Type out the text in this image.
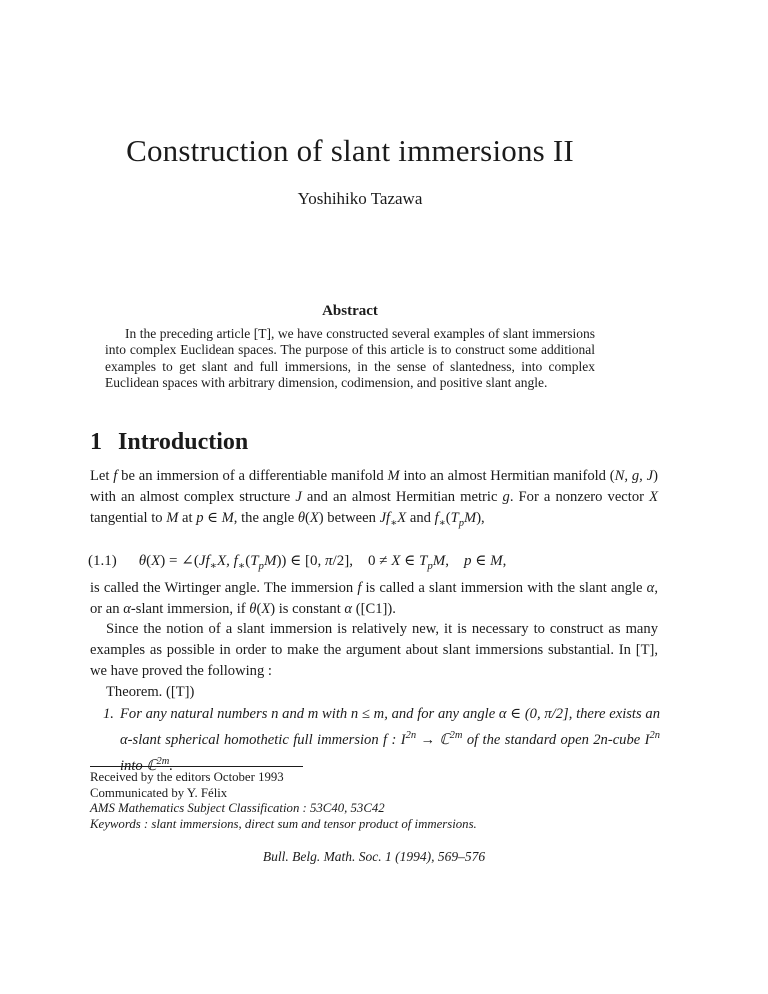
Construction of slant immersions II
Yoshihiko Tazawa
Abstract
In the preceding article [T], we have constructed several examples of slant immersions into complex Euclidean spaces. The purpose of this article is to construct some additional examples to get slant and full immersions, in the sense of slantedness, into complex Euclidean spaces with arbitrary dimension, codimension, and positive slant angle.
1 Introduction

Let f be an immersion of a differentiable manifold M into an almost Hermitian manifold (N, g, J) with an almost complex structure J and an almost Hermitian metric g. For a nonzero vector X tangential to M at p ∈ M, the angle θ(X) between $Jf_∗X$ and $f_∗(T_pM)$,

(1.1) $\theta(X) = \angle(Jf_∗X$, $f_∗(T_pM)$) ∈ [0, π/2],  0 ≠ X ∈ $T_pM$, p ∈ M,

is called the Wirtinger angle. The immersion f is called a slant immersion with the slant angle α, or an α-slant immersion, if θ(X) is constant α ([C1]).

Since the notion of a slant immersion is relatively new, it is necessary to construct as many examples as possible in order to make the argument about slant immersions substantial. In [T], we have proved the following :

Theorem. ([T])

1. For any natural numbers n and m with n ≤ m, and for any angle α ∈ (0, π/2], there exists an α-slant spherical homothetic full immersion f : $I^{2n}$ → ℂ$^{2m}$ of the standard open 2n-cube $I^{2n}$ into ℂ$^{2m}$.
Received by the editors October 1993
Communicated by Y. Félix
AMS Mathematics Subject Classification : 53C40, 53C42
Keywords : slant immersions, direct sum and tensor product of immersions.
Bull. Belg. Math. Soc. 1 (1994), 569–576
